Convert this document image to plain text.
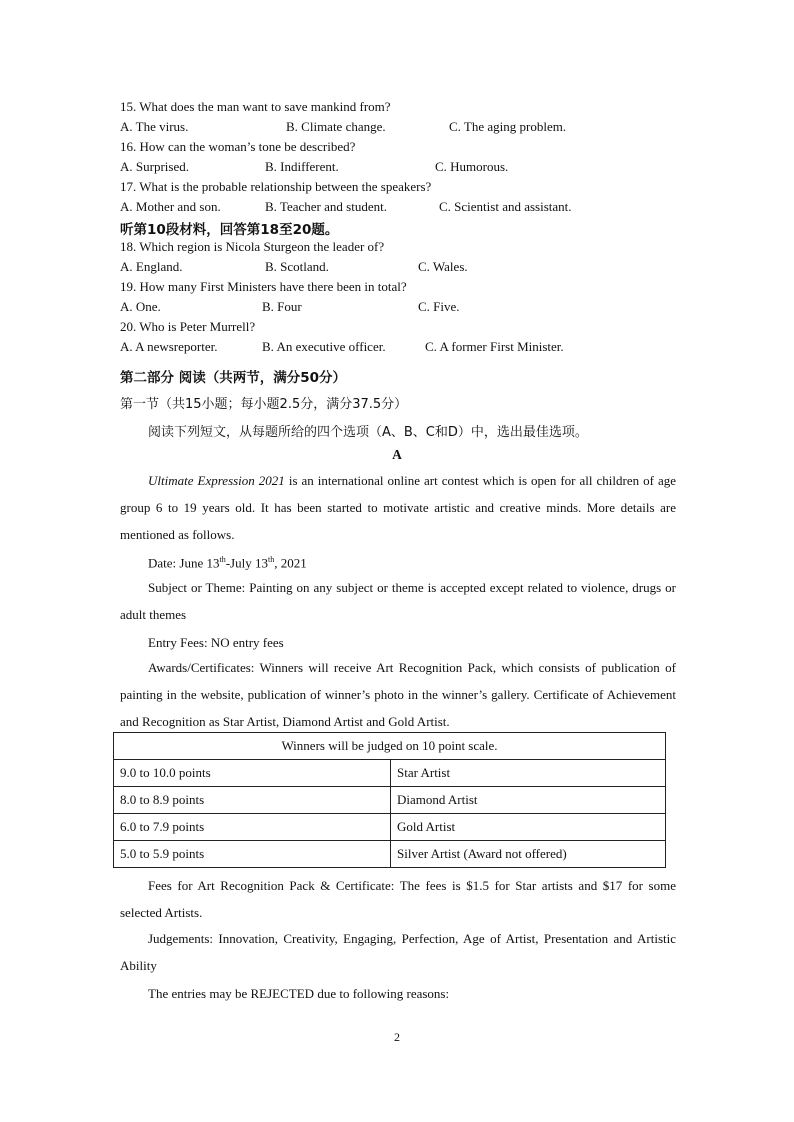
15. What does the man want to save mankind from?
A. The virus.	B. Climate change.	C. The aging problem.
16. How can the woman’s tone be described?
A. Surprised.	B. Indifferent.	C. Humorous.
17. What is the probable relationship between the speakers?
A. Mother and son.	B. Teacher and student.	C. Scientist and assistant.
听第10段材料，回答第18至20题。
18. Which region is Nicola Sturgeon the leader of?
A. England.	B. Scotland.	C. Wales.
19. How many First Ministers have there been in total?
A. One.	B. Four	C. Five.
20. Who is Peter Murrell?
A. A newsreporter.	B. An executive officer.	C. A former First Minister.
第二部分 阅读（共两节，满分50分）
第一节（共15小题；每小题2.5分，满分37.5分）
阅读下列短文，从每题所给的四个选项（A、B、C和D）中，选出最佳选项。
A

Ultimate Expression 2021 is an international online art contest which is open for all children of age group 6 to 19 years old. It has been started to motivate artistic and creative minds. More details are mentioned as follows.

Date: June 13th-July 13th, 2021

Subject or Theme: Painting on any subject or theme is accepted except related to violence, drugs or adult themes

Entry Fees: NO entry fees

Awards/Certificates: Winners will receive Art Recognition Pack, which consists of publication of painting in the website, publication of winner’s photo in the winner’s gallery. Certificate of Achievement and Recognition as Star Artist, Diamond Artist and Gold Artist.

Winners will be judged on 10 point scale.	
9.0 to 10.0 points	Star Artist
8.0 to 8.9 points	Diamond Artist
6.0 to 7.9 points	Gold Artist
5.0 to 5.9 points	Silver Artist (Award not offered)

Fees for Art Recognition Pack & Certificate: The fees is $1.5 for Star artists and $17 for some selected Artists.

Judgements: Innovation, Creativity, Engaging, Perfection, Age of Artist, Presentation and Artistic Ability

The entries may be REJECTED due to following reasons:
2
